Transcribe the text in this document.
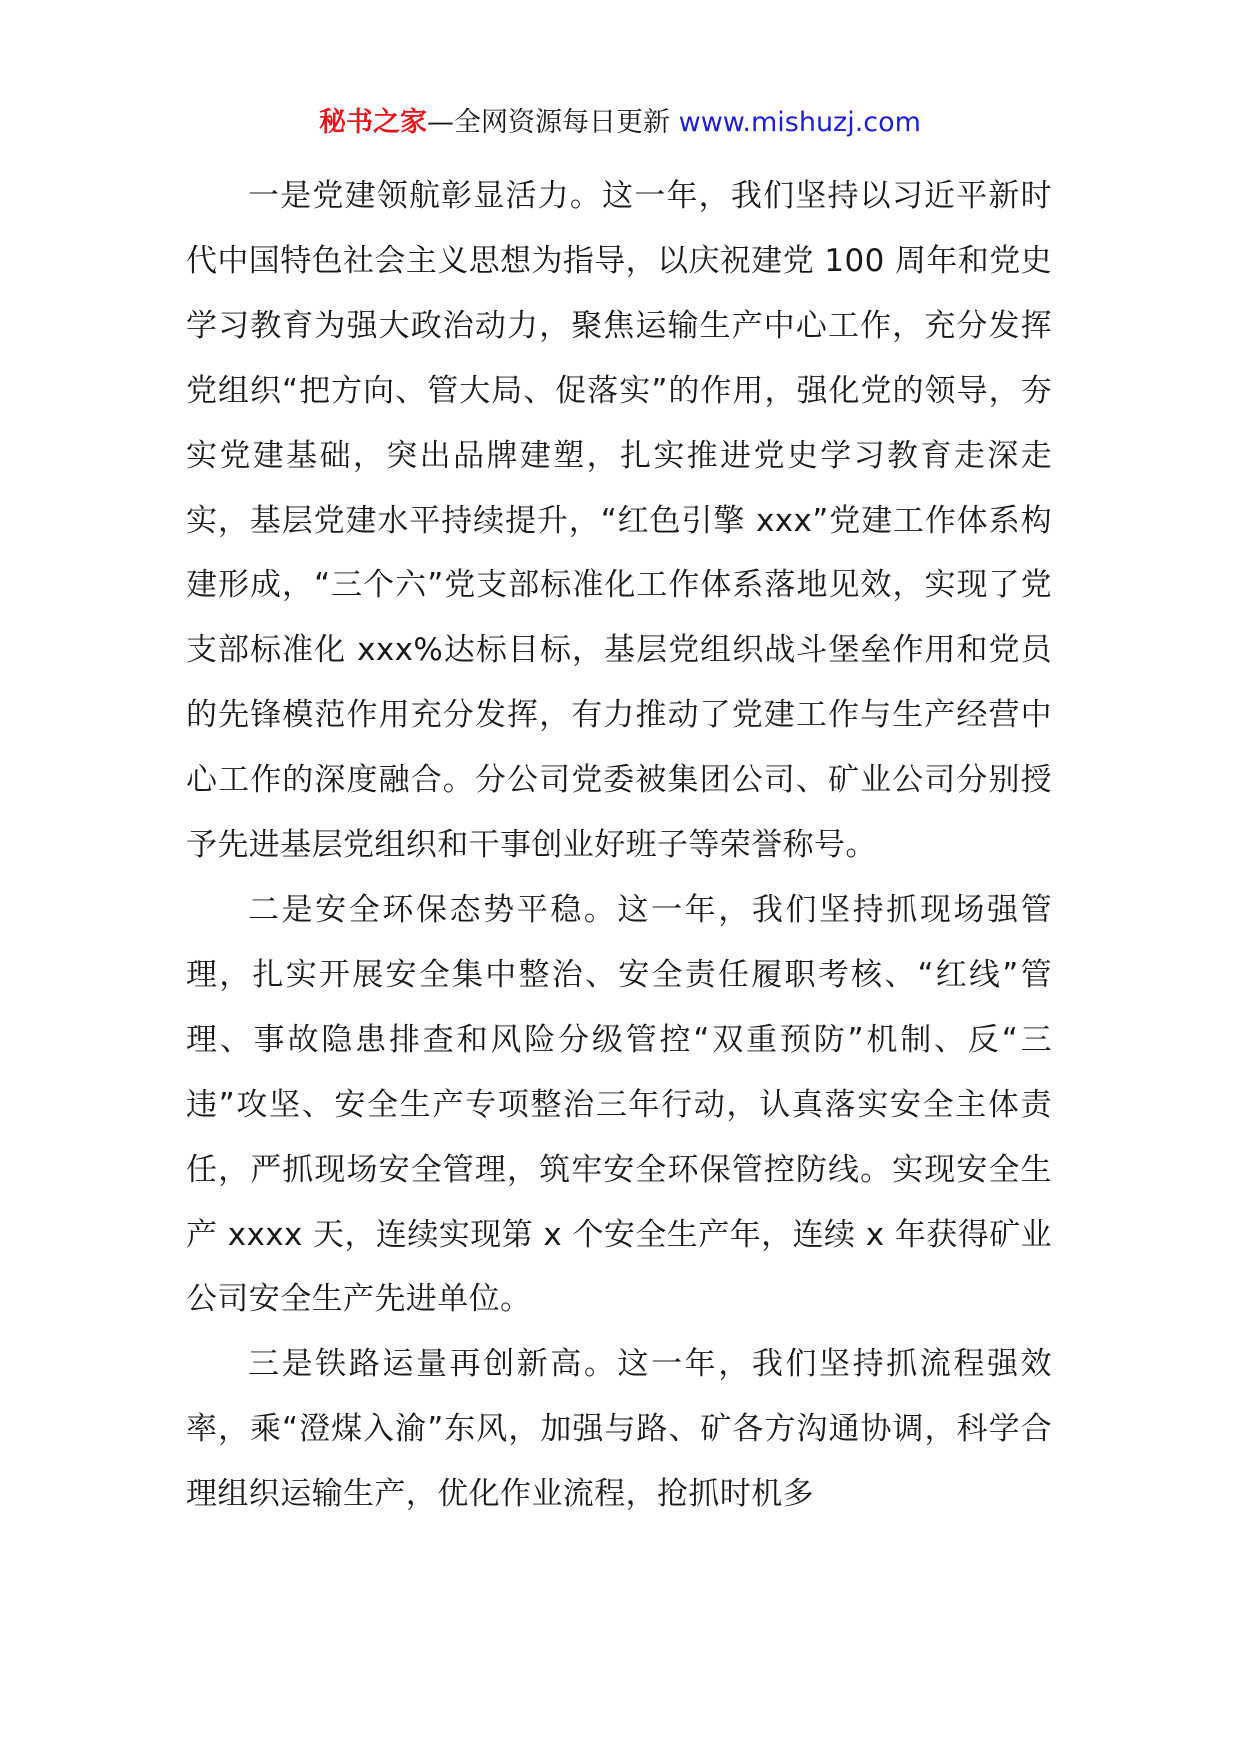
秘书之家—全网资源每日更新 www.mishuzj.com

一是党建领航彰显活力。这一年，我们坚持以习近平新时代中国特色社会主义思想为指导，以庆祝建党 100 周年和党史学习教育为强大政治动力，聚焦运输生产中心工作，充分发挥党组织“把方向、管大局、促落实”的作用，强化党的领导，夯实党建基础，突出品牌建塑，扎实推进党史学习教育走深走实，基层党建水平持续提升，“红色引擎 xxx”党建工作体系构建形成，“三个六”党支部标准化工作体系落地见效，实现了党支部标准化 xxx%达标目标，基层党组织战斗堡垒作用和党员的先锋模范作用充分发挥，有力推动了党建工作与生产经营中心工作的深度融合。分公司党委被集团公司、矿业公司分别授予先进基层党组织和干事创业好班子等荣誉称号。

二是安全环保态势平稳。这一年，我们坚持抓现场强管理，扎实开展安全集中整治、安全责任履职考核、“红线”管理、事故隐患排查和风险分级管控“双重预防”机制、反“三违”攻坚、安全生产专项整治三年行动，认真落实安全主体责任，严抓现场安全管理，筑牢安全环保管控防线。实现安全生产 xxxx 天，连续实现第 x 个安全生产年，连续 x 年获得矿业公司安全生产先进单位。

三是铁路运量再创新高。这一年，我们坚持抓流程强效率，乘“澄煤入渝”东风，加强与路、矿各方沟通协调，科学合理组织运输生产，优化作业流程，抢抓时机多
